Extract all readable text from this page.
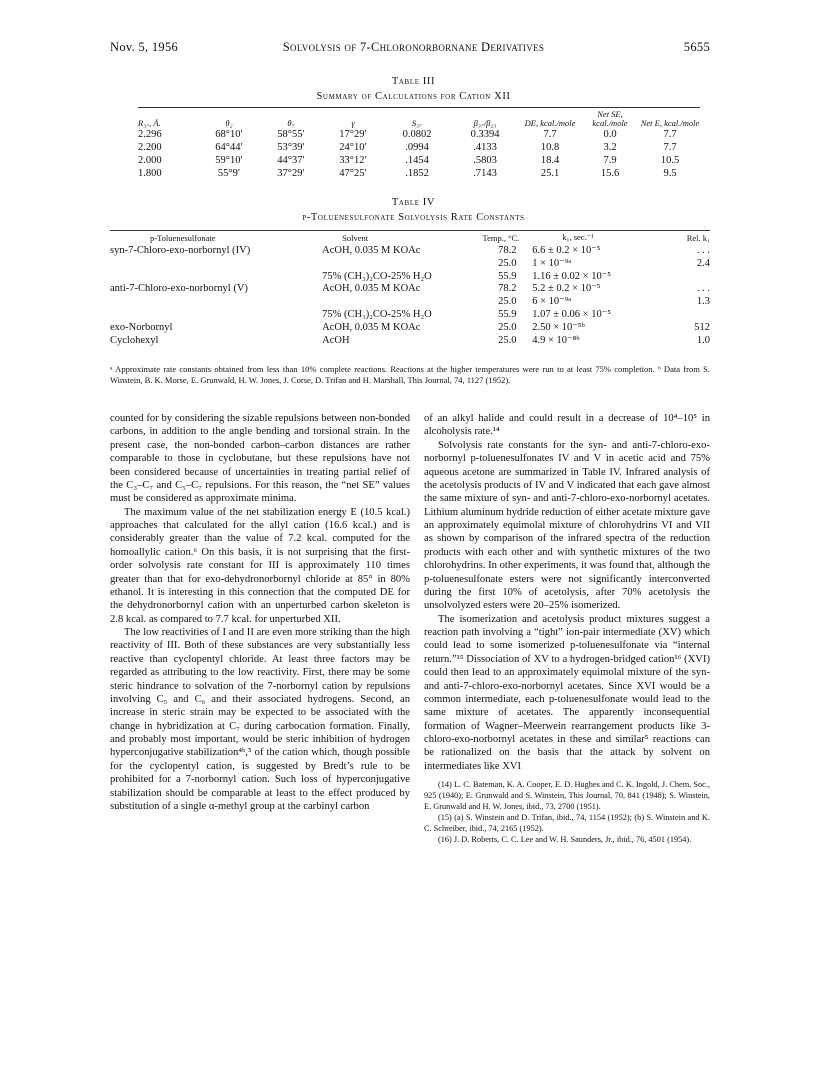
Nov. 5, 1956	Solvolysis of 7-Chloronorbornane Derivatives	5655
Table III
Summary of Calculations for Cation XII
R₃₇, Å.	θ₂	θ₇	γ	S₃₇	β₃₇/β₂₃	DE, kcal./mole	Net SE, kcal./mole	Net E, kcal./mole
2.296	68°10′	58°55′	17°29′	0.0802	0.3394	7.7	0.0	7.7
2.200	64°44′	53°39′	24°10′	.0994	.4133	10.8	3.2	7.7
2.000	59°10′	44°37′	33°12′	.1454	.5803	18.4	7.9	10.5
1.800	55°9′	37°29′	47°25′	.1852	.7143	25.1	15.6	9.5
Table IV
p-Toluenesulfonate Solvolysis Rate Constants
p-Toluenesulfonate	Solvent	Temp., °C.	k₁, sec.⁻¹	Rel. k₁
syn-7-Chloro-exo-norbornyl (IV)	AcOH, 0.035 M KOAc	78.2	6.6 ± 0.2 × 10⁻⁵	. . .
		25.0	1 × 10⁻⁹ᵃ	2.4
	75% (CH₃)₂CO-25% H₂O	55.9	1.16 ± 0.02 × 10⁻⁵	
anti-7-Chloro-exo-norbornyl (V)	AcOH, 0.035 M KOAc	78.2	5.2 ± 0.2 × 10⁻⁵	. . .
		25.0	6 × 10⁻⁹ᵃ	1.3
	75% (CH₃)₂CO-25% H₂O	55.9	1.07 ± 0.06 × 10⁻⁵	
exo-Norbornyl	AcOH, 0.035 M KOAc	25.0	2.50 × 10⁻⁵ᵇ	512
Cyclohexyl	AcOH	25.0	4.9 × 10⁻⁸ᵇ	1.0
ᵃ Approximate rate constants obtained from less than 10% complete reactions. Reactions at the higher temperatures were run to at least 75% completion. ᵇ Data from S. Winstein, B. K. Morse, E. Grunwald, H. W. Jones, J. Corse, D. Trifan and H. Marshall, This Journal, 74, 1127 (1952).

counted for by considering the sizable repulsions between non-bonded carbons, in addition to the angle bending and torsional strain. In the present case, the non-bonded carbon–carbon distances are rather comparable to those in cyclobutane, but these repulsions have not been considered because of uncertainties in treating partial relief of the C₃–C₇ and C₅–C₇ repulsions. For this reason, the “net SE” values must be considered as approximate minima.

The maximum value of the net stabilization energy E (10.5 kcal.) approaches that calculated for the allyl cation (16.6 kcal.) and is considerably greater than the value of 7.2 kcal. computed for the homoallylic cation.⁶ On this basis, it is not surprising that the first-order solvolysis rate constant for III is approximately 110 times greater than that for exo-dehydronorbornyl chloride at 85° in 80% ethanol. It is interesting in this connection that the computed DE for the dehydronorbornyl cation with an unperturbed carbon skeleton is 2.8 kcal. as compared to 7.7 kcal. for unperturbed XII.

The low reactivities of I and II are even more striking than the high reactivity of III. Both of these substances are very substantially less reactive than cyclopentyl chloride. At least three factors may be regarded as attributing to the low reactivity. First, there may be some steric hindrance to solvation of the 7-norbornyl cation by repulsions involving C₅ and C₆ and their associated hydrogens. Second, an increase in steric strain may be expected to be associated with the change in hybridization at C₇ during carbocation formation. Finally, and probably most important, would be steric inhibition of hydrogen hyperconjugative stabilization⁴ᵇ,⁵ of the cation which, though possible for the cyclopentyl cation, is suggested by Bredt’s rule to be prohibited for a 7-norbornyl cation. Such loss of hyperconjugative stabilization should be comparable at least to the effect produced by substitution of a single α-methyl group at the carbinyl carbon

of an alkyl halide and could result in a decrease of 10⁴–10⁵ in alcoholysis rate.¹⁴

Solvolysis rate constants for the syn- and anti-7-chloro-exo-norbornyl p-toluenesulfonates IV and V in acetic acid and 75% aqueous acetone are summarized in Table IV. Infrared analysis of the acetolysis products of IV and V indicated that each gave almost the same mixture of syn- and anti-7-chloro-exo-norbornyl acetates. Lithium aluminum hydride reduction of either acetate mixture gave an approximately equimolal mixture of chlorohydrins VI and VII as shown by comparison of the infrared spectra of the reduction products with each other and with synthetic mixtures of the two chlorohydrins. In other experiments, it was found that, although the p-toluenesulfonate esters were not significantly interconverted during the first 10% of acetolysis, after 70% acetolysis the unsolvolyzed esters were 20–25% isomerized.

The isomerization and acetolysis product mixtures suggest a reaction path involving a “tight” ion-pair intermediate (XV) which could lead to some isomerized p-toluenesulfonate via “internal return.”¹⁵ Dissociation of XV to a hydrogen-bridged cation¹⁶ (XVI) could then lead to an approximately equimolal mixture of the syn- and anti-7-chloro-exo-norbornyl acetates. Since XVI would be a common intermediate, each p-toluenesulfonate would lead to the same mixture of acetates. The apparently inconsequential formation of Wagner–Meerwein rearrangement products like 3-chloro-exo-norbornyl acetates in these and similar⁵ reactions can be rationalized on the basis that the attack by solvent on intermediates like XVI

(14) L. C. Bateman, K. A. Cooper, E. D. Hughes and C. K. Ingold, J. Chem. Soc., 925 (1940); E. Grunwald and S. Winstein, This Journal, 70, 841 (1948); S. Winstein, E. Grunwald and H. W. Jones, ibid., 73, 2700 (1951).

(15) (a) S. Winstein and D. Trifan, ibid., 74, 1154 (1952); (b) S. Winstein and K. C. Schreiber, ibid., 74, 2165 (1952).

(16) J. D. Roberts, C. C. Lee and W. H. Saunders, Jr., ibid., 76, 4501 (1954).
